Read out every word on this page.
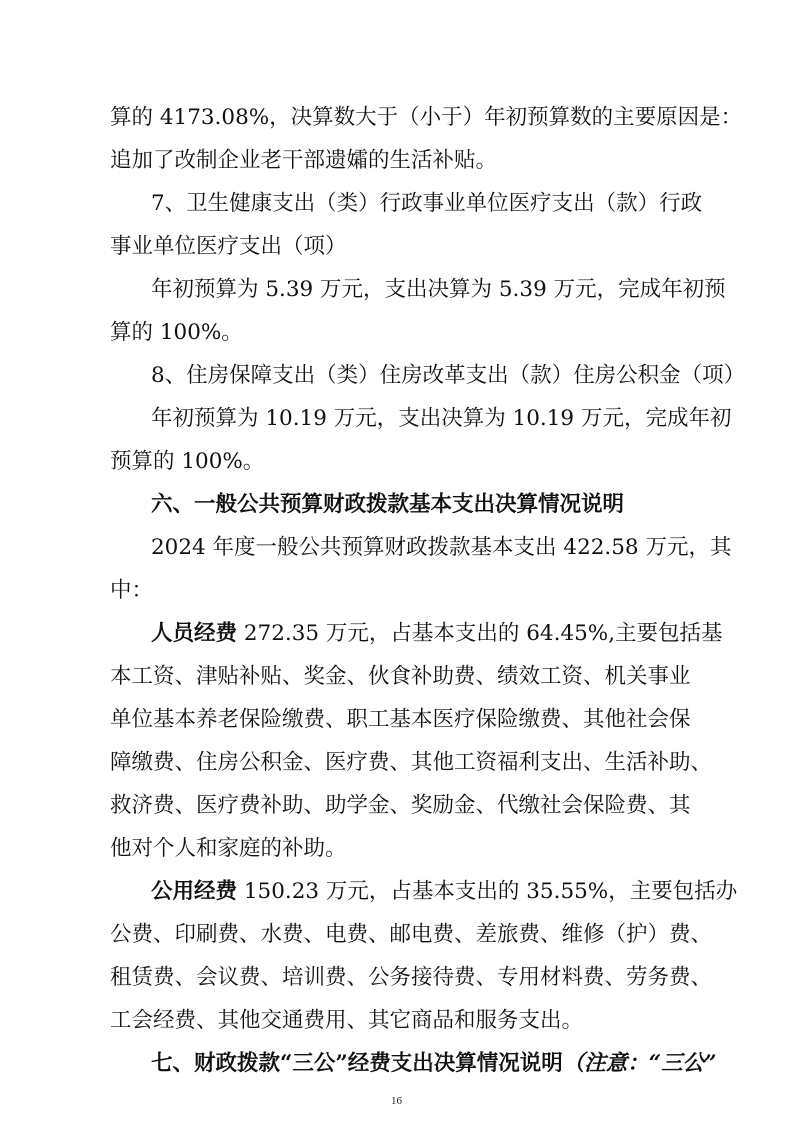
算的 4173.08%，决算数大于（小于）年初预算数的主要原因是：
追加了改制企业老干部遗孀的生活补贴。
7、卫生健康支出（类）行政事业单位医疗支出（款）行政
事业单位医疗支出（项）
年初预算为 5.39 万元，支出决算为 5.39 万元，完成年初预
算的 100%。
8、住房保障支出（类）住房改革支出（款）住房公积金（项）
年初预算为 10.19 万元，支出决算为 10.19 万元，完成年初
预算的 100%。
六、一般公共预算财政拨款基本支出决算情况说明
2024 年度一般公共预算财政拨款基本支出 422.58 万元，其
中：
人员经费 272.35 万元，占基本支出的 64.45%,主要包括基
本工资、津贴补贴、奖金、伙食补助费、绩效工资、机关事业
单位基本养老保险缴费、职工基本医疗保险缴费、其他社会保
障缴费、住房公积金、医疗费、其他工资福利支出、生活补助、
救济费、医疗费补助、助学金、奖励金、代缴社会保险费、其
他对个人和家庭的补助。
公用经费 150.23 万元，占基本支出的 35.55%，主要包括办
公费、印刷费、水费、电费、邮电费、差旅费、维修（护）费、
租赁费、会议费、培训费、公务接待费、专用材料费、劳务费、
工会经费、其他交通费用、其它商品和服务支出。
七、财政拨款“三公”经费支出决算情况说明（注意：“三公”
16
